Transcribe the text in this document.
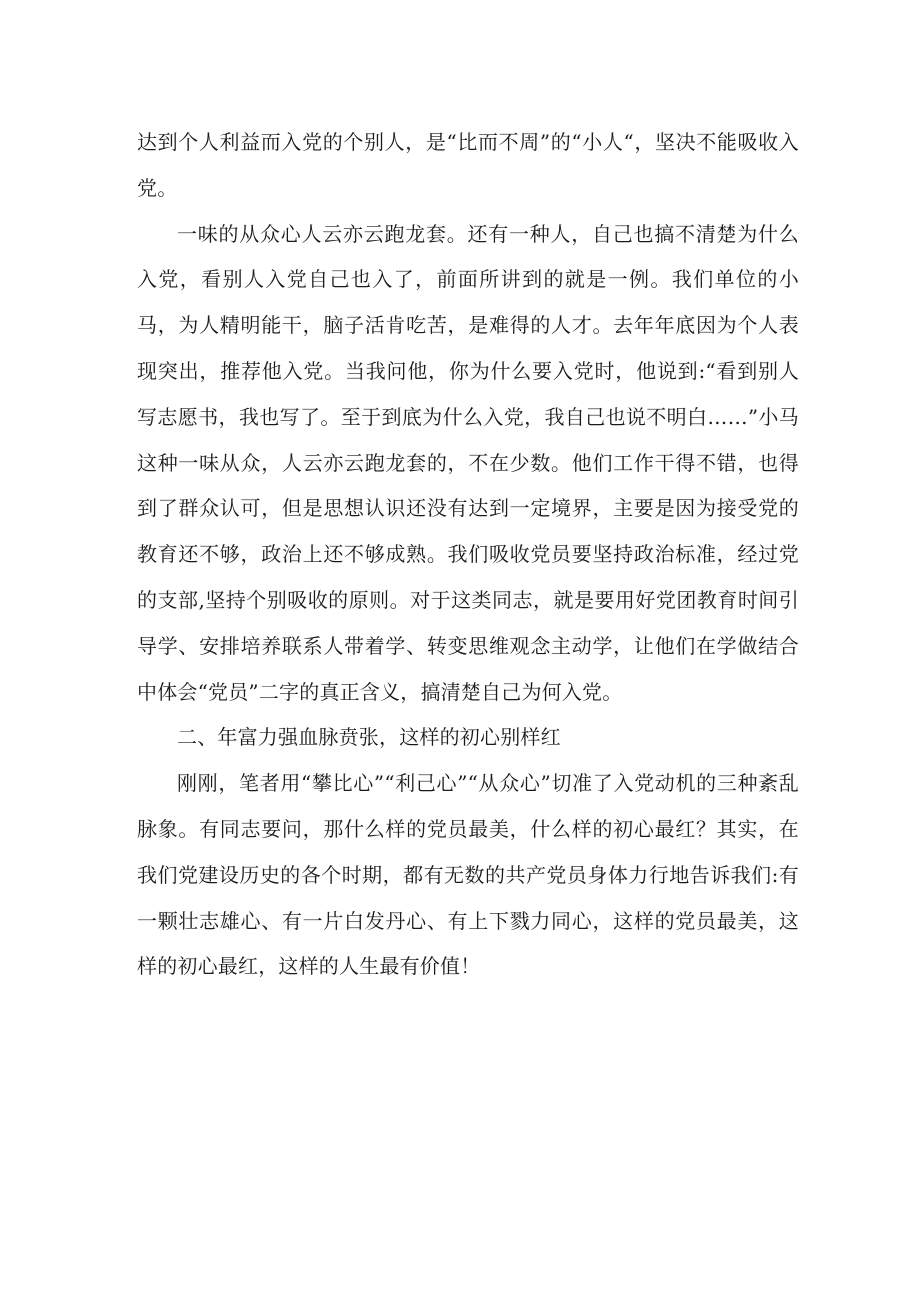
达到个人利益而入党的个别人，是“比而不周”的“小人“，坚决不能吸收入党。

一味的从众心人云亦云跑龙套。还有一种人，自己也搞不清楚为什么入党，看别人入党自己也入了，前面所讲到的就是一例。我们单位的小马，为人精明能干，脑子活肯吃苦，是难得的人才。去年年底因为个人表现突出，推荐他入党。当我问他，你为什么要入党时，他说到:“看到别人写志愿书，我也写了。至于到底为什么入党，我自己也说不明白……”小马这种一味从众，人云亦云跑龙套的，不在少数。他们工作干得不错，也得到了群众认可，但是思想认识还没有达到一定境界，主要是因为接受党的教育还不够，政治上还不够成熟。我们吸收党员要坚持政治标准，经过党的支部,坚持个别吸收的原则。对于这类同志，就是要用好党团教育时间引导学、安排培养联系人带着学、转变思维观念主动学，让他们在学做结合中体会“党员”二字的真正含义，搞清楚自己为何入党。

二、年富力强血脉贲张，这样的初心别样红

刚刚，笔者用“攀比心”“利己心”“从众心”切准了入党动机的三种紊乱脉象。有同志要问，那什么样的党员最美，什么样的初心最红？其实，在我们党建设历史的各个时期，都有无数的共产党员身体力行地告诉我们:有一颗壮志雄心、有一片白发丹心、有上下戮力同心，这样的党员最美，这样的初心最红，这样的人生最有价值！
